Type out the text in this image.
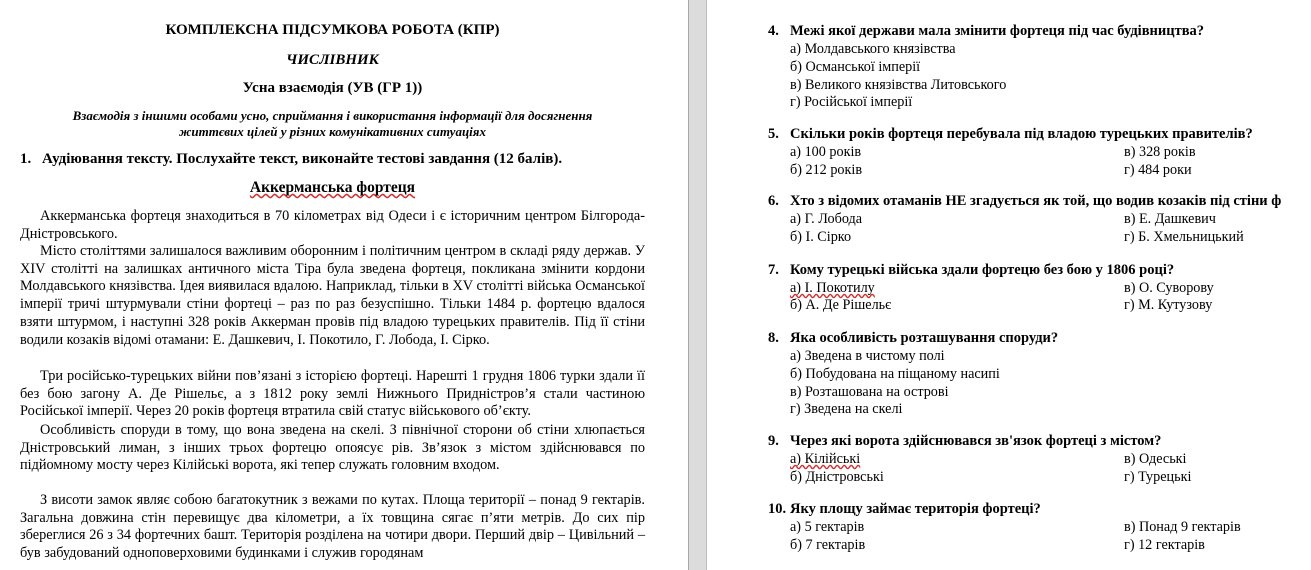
КОМПЛЕКСНА ПІДСУМКОВА РОБОТА (КПР)
ЧИСЛІВНИК
Усна взаємодія (УВ (ГР 1))
Взаємодія з іншими особами усно, сприймання і використання інформації для досягнення
життєвих цілей у різних комунікативних ситуаціях
1. Аудіювання тексту. Послухайте текст, виконайте тестові завдання (12 балів).
Аккерманська фортеця

Аккерманська фортеця знаходиться в 70 кілометрах від Одеси і є історичним центром Білгорода-Дністровського.

Місто століттями залишалося важливим оборонним і політичним центром в складі ряду держав. У XIV столітті на залишках античного міста Тіра була зведена фортеця, покликана змінити кордони Молдавського князівства. Ідея виявилася вдалою. Наприклад, тільки в XV столітті війська Османської імперії тричі штурмували стіни фортеці – раз по раз безуспішно. Тільки 1484 р. фортецю вдалося взяти штурмом, і наступні 328 років Аккерман провів під владою турецьких правителів. Під її стіни водили козаків відомі отамани: Е. Дашкевич, І. Покотило, Г. Лобода, І. Сірко.

Три російсько-турецьких війни пов’язані з історією фортеці. Нарешті 1 грудня 1806 турки здали її без бою загону А. Де Рішельє, а з 1812 року землі Нижнього Придністров’я стали частиною Російської імперії. Через 20 років фортеця втратила свій статус військового об’єкту.

Особливість споруди в тому, що вона зведена на скелі. З північної сторони об стіни хлюпається Дністровський лиман, з інших трьох фортецю опоясує рів. Зв’язок з містом здійснювався по підйомному мосту через Кілійські ворота, які тепер служать головним входом.

З висоти замок являє собою багатокутник з вежами по кутах. Площа території – понад 9 гектарів. Загальна довжина стін перевищує два кілометри, а їх товщина сягає п’яти метрів. До сих пір збереглися 26 з 34 фортечних башт. Територія розділена на чотири двори. Перший двір – Цивільний – був забудований одноповерховими будинками і служив городянам

4. Межі якої держави мала змінити фортеця під час будівництва?
а) Молдавського князівства
б) Османської імперії
в) Великого князівства Литовського
г) Російської імперії
5. Скільки років фортеця перебувала під владою турецьких правителів?
а) 100 років	в) 328 років
б) 212 років	г) 484 роки
6. Хто з відомих отаманів НЕ згадується як той, що водив козаків під стіни ф
а) Г. Лобода	в) Е. Дашкевич
б) І. Сірко	г) Б. Хмельницький
7. Кому турецькі війська здали фортецю без бою у 1806 році?
а) І. Покотилу	в) О. Суворову
б) А. Де Рішельє	г) М. Кутузову
8. Яка особливість розташування споруди?
а) Зведена в чистому полі
б) Побудована на піщаному насипі
в) Розташована на острові
г) Зведена на скелі
9. Через які ворота здійснювався зв'язок фортеці з містом?
а) Кілійські	в) Одеські
б) Дністровські	г) Турецькі
10. Яку площу займає територія фортеці?
а) 5 гектарів	в) Понад 9 гектарів
б) 7 гектарів	г) 12 гектарів
